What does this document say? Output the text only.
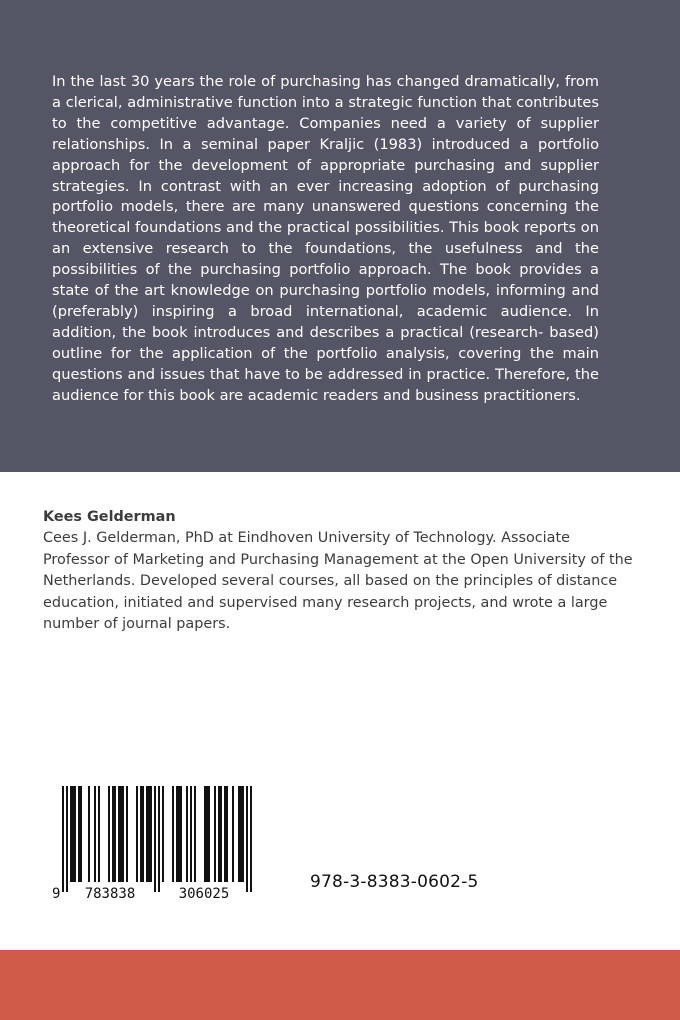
In the last 30 years the role of purchasing has changed dramatically, from a clerical, administrative function into a strategic function that contributes to the competitive advantage. Companies need a variety of supplier relationships. In a seminal paper Kraljic (1983) introduced a portfolio approach for the development of appropriate purchasing and supplier strategies. In contrast with an ever increasing adoption of purchasing portfolio models, there are many unanswered questions concerning the theoretical foundations and the practical possibilities. This book reports on an extensive research to the foundations, the usefulness and the possibilities of the purchasing portfolio approach. The book provides a state of the art knowledge on purchasing portfolio models, informing and (preferably) inspiring a broad international, academic audience. In addition, the book introduces and describes a practical (research- based) outline for the application of the portfolio analysis, covering the main questions and issues that have to be addressed in practice. Therefore, the audience for this book are academic readers and business practitioners.

Kees Gelderman

Cees J. Gelderman, PhD at Eindhoven University of Technology. Associate Professor of Marketing and Purchasing Management at the Open University of the Netherlands. Developed several courses, all based on the principles of distance education, initiated and supervised many research projects, and wrote a large number of journal papers.

9 783838	306025
978-3-8383-0602-5
